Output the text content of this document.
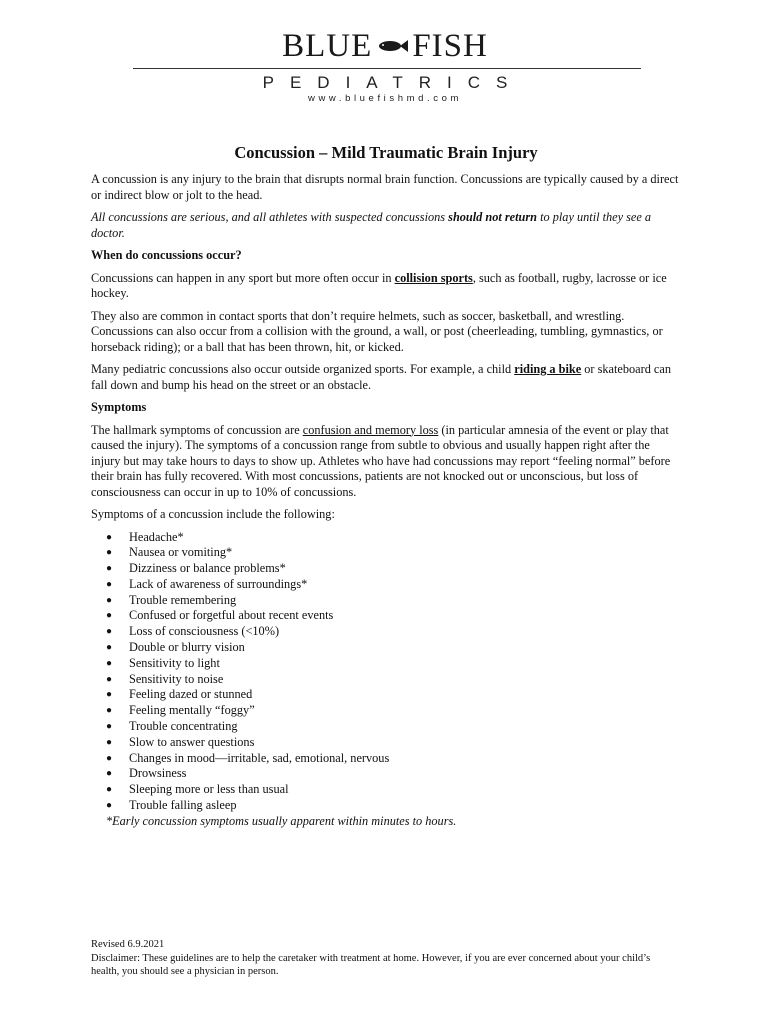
BLUE FISH
PEDIATRICS
www.bluefishmd.com
Concussion – Mild Traumatic Brain Injury

A concussion is any injury to the brain that disrupts normal brain function. Concussions are typically caused by a direct or indirect blow or jolt to the head.

All concussions are serious, and all athletes with suspected concussions should not return to play until they see a doctor.

When do concussions occur?

Concussions can happen in any sport but more often occur in collision sports, such as football, rugby, lacrosse or ice hockey.

They also are common in contact sports that don’t require helmets, such as soccer, basketball, and wrestling. Concussions can also occur from a collision with the ground, a wall, or post (cheerleading, tumbling, gymnastics, or horseback riding); or a ball that has been thrown, hit, or kicked.

Many pediatric concussions also occur outside organized sports. For example, a child riding a bike or skateboard can fall down and bump his head on the street or an obstacle.

Symptoms

The hallmark symptoms of concussion are confusion and memory loss (in particular amnesia of the event or play that caused the injury). The symptoms of a concussion range from subtle to obvious and usually happen right after the injury but may take hours to days to show up. Athletes who have had concussions may report “feeling normal” before their brain has fully recovered. With most concussions, patients are not knocked out or unconscious, but loss of consciousness can occur in up to 10% of concussions.

Symptoms of a concussion include the following:

● Headache*
● Nausea or vomiting*
● Dizziness or balance problems*
● Lack of awareness of surroundings*
● Trouble remembering
● Confused or forgetful about recent events
● Loss of consciousness (<10%)
● Double or blurry vision
● Sensitivity to light
● Sensitivity to noise
● Feeling dazed or stunned
● Feeling mentally “foggy”
● Trouble concentrating
● Slow to answer questions
● Changes in mood—irritable, sad, emotional, nervous
● Drowsiness
● Sleeping more or less than usual
● Trouble falling asleep
*Early concussion symptoms usually apparent within minutes to hours.
Revised 6.9.2021
Disclaimer: These guidelines are to help the caretaker with treatment at home. However, if you are ever concerned about your child’s health, you should see a physician in person.
